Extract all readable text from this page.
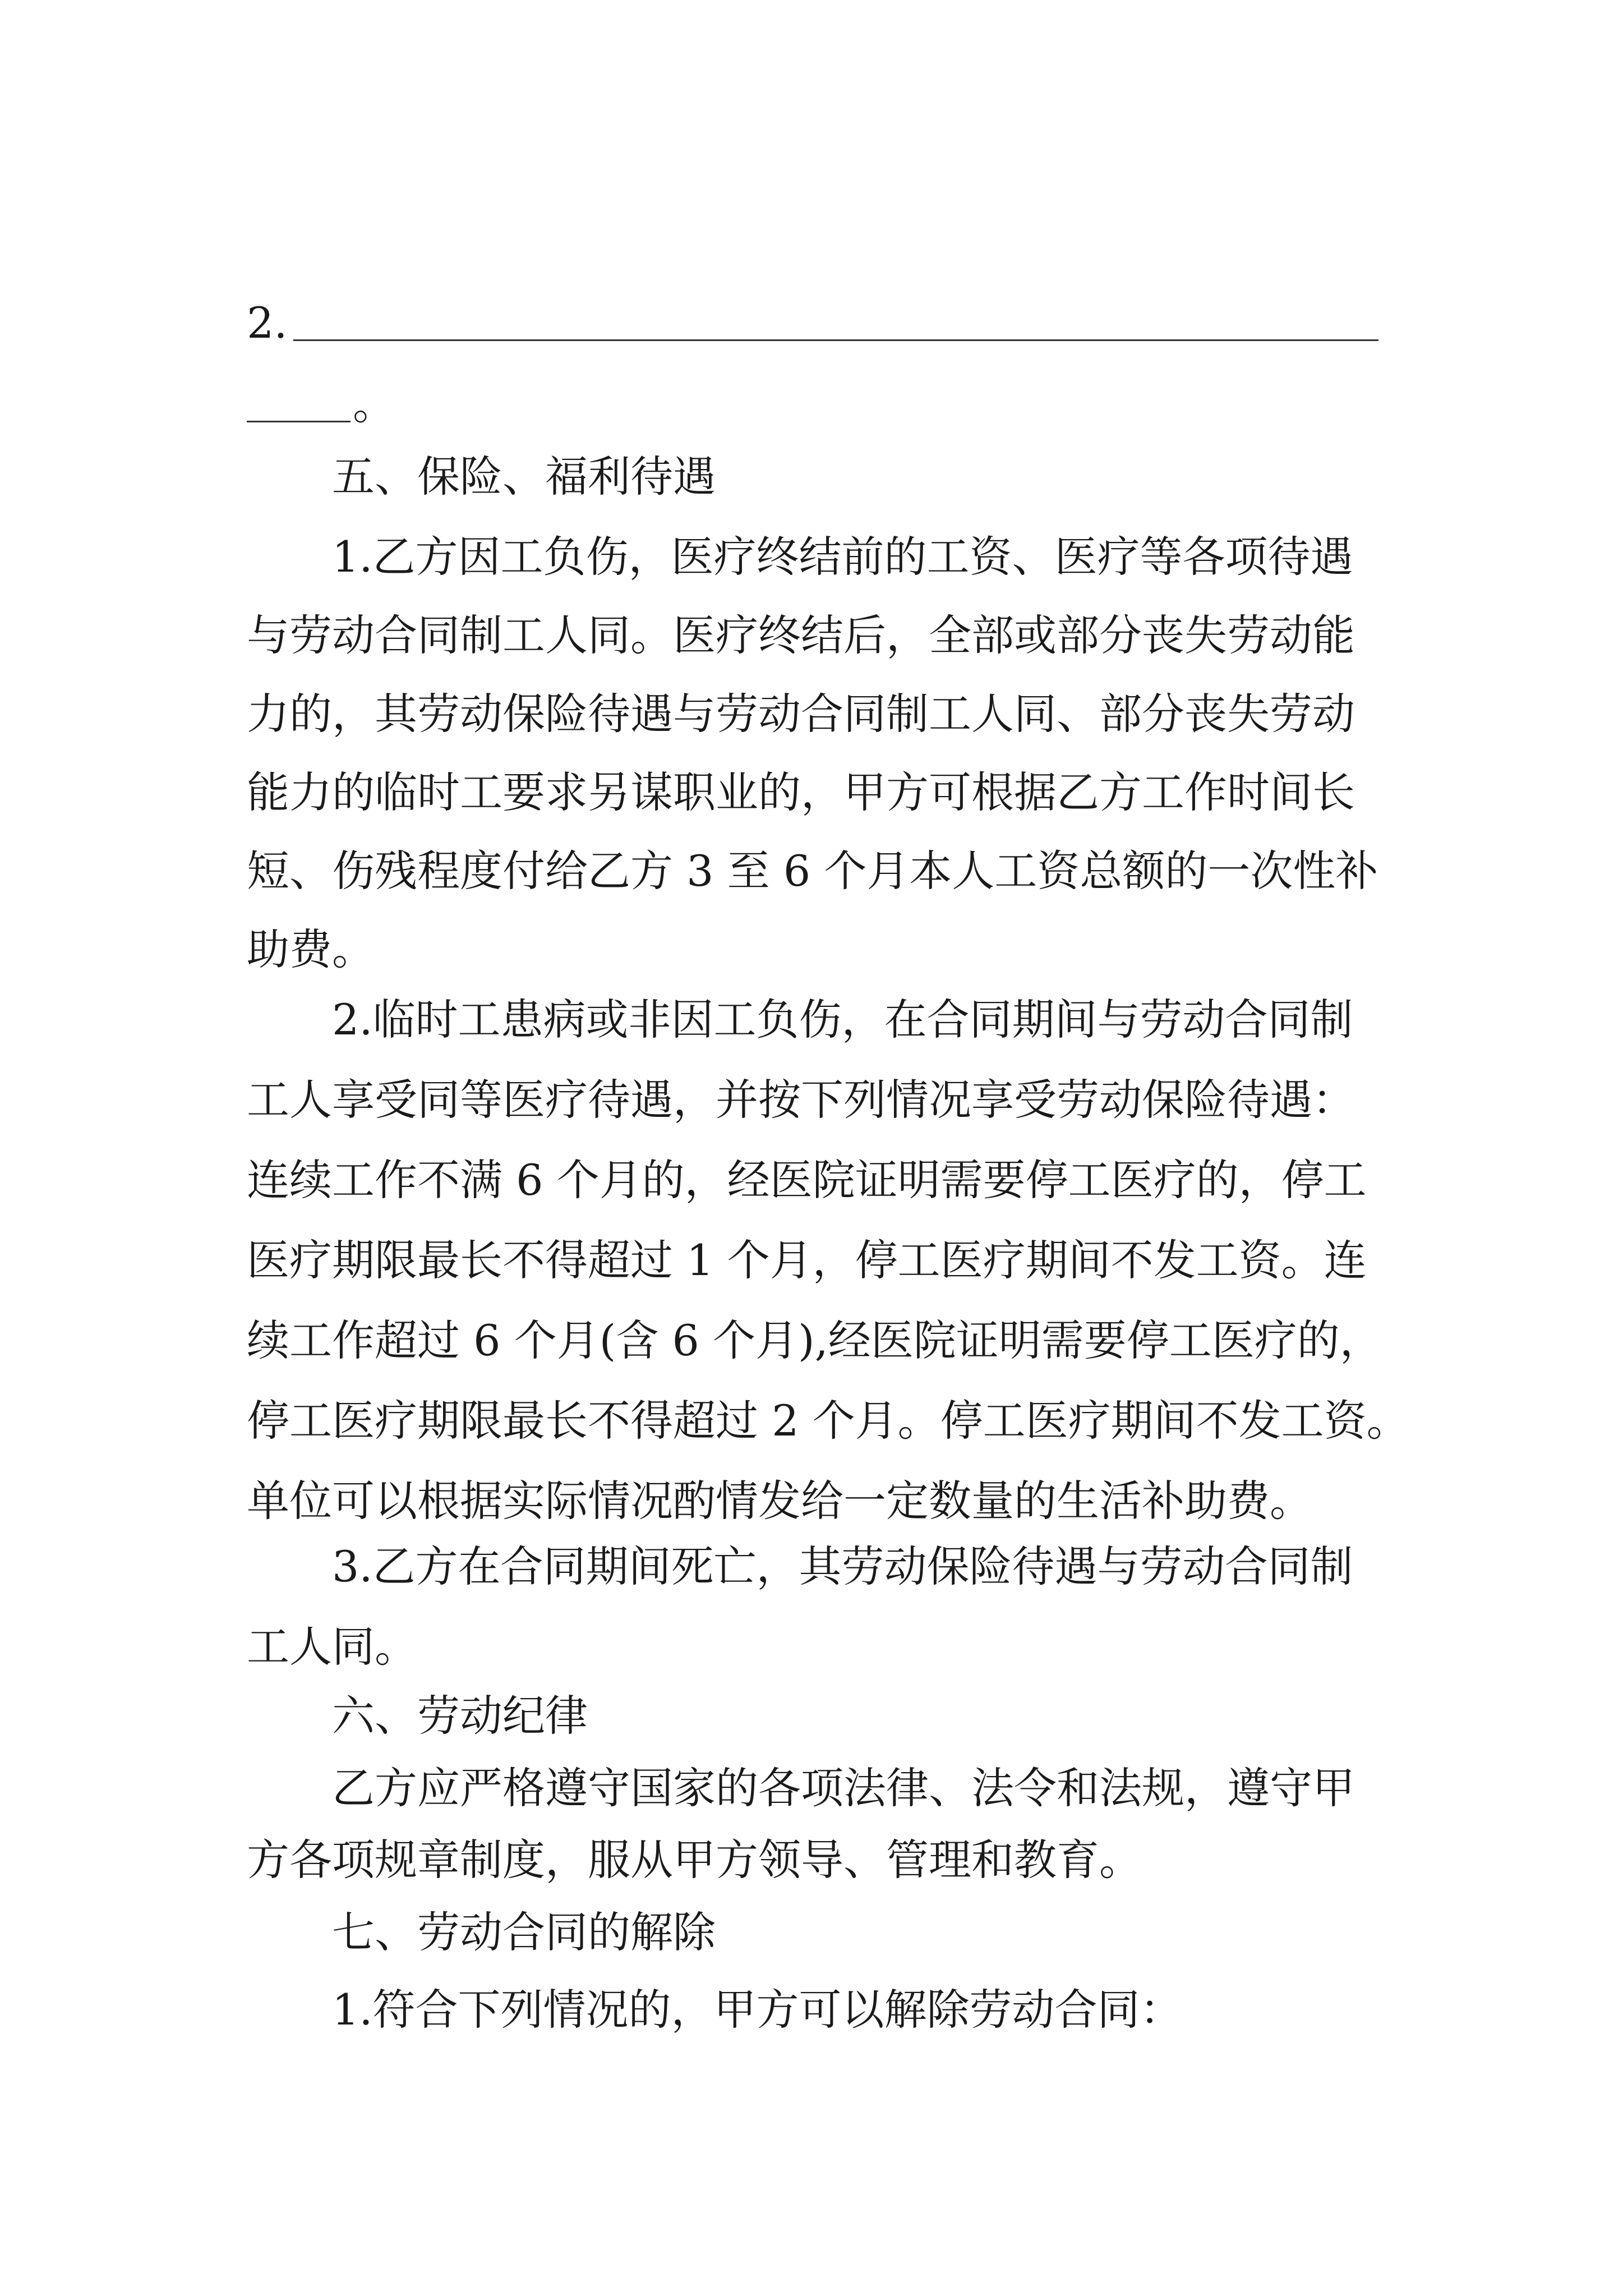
2.
。
五、保险、福利待遇
1.乙方因工负伤，医疗终结前的工资、医疗等各项待遇
与劳动合同制工人同。医疗终结后，全部或部分丧失劳动能
力的，其劳动保险待遇与劳动合同制工人同、部分丧失劳动
能力的临时工要求另谋职业的，甲方可根据乙方工作时间长
短、伤残程度付给乙方 3 至 6 个月本人工资总额的一次性补
助费。
2.临时工患病或非因工负伤，在合同期间与劳动合同制
工人享受同等医疗待遇，并按下列情况享受劳动保险待遇：
连续工作不满 6 个月的，经医院证明需要停工医疗的，停工
医疗期限最长不得超过 1 个月，停工医疗期间不发工资。连
续工作超过 6 个月(含 6 个月),经医院证明需要停工医疗的，
停工医疗期限最长不得超过 2 个月。停工医疗期间不发工资。
单位可以根据实际情况酌情发给一定数量的生活补助费。
3.乙方在合同期间死亡，其劳动保险待遇与劳动合同制
工人同。
六、劳动纪律
乙方应严格遵守国家的各项法律、法令和法规，遵守甲
方各项规章制度，服从甲方领导、管理和教育。
七、劳动合同的解除
1.符合下列情况的，甲方可以解除劳动合同：
